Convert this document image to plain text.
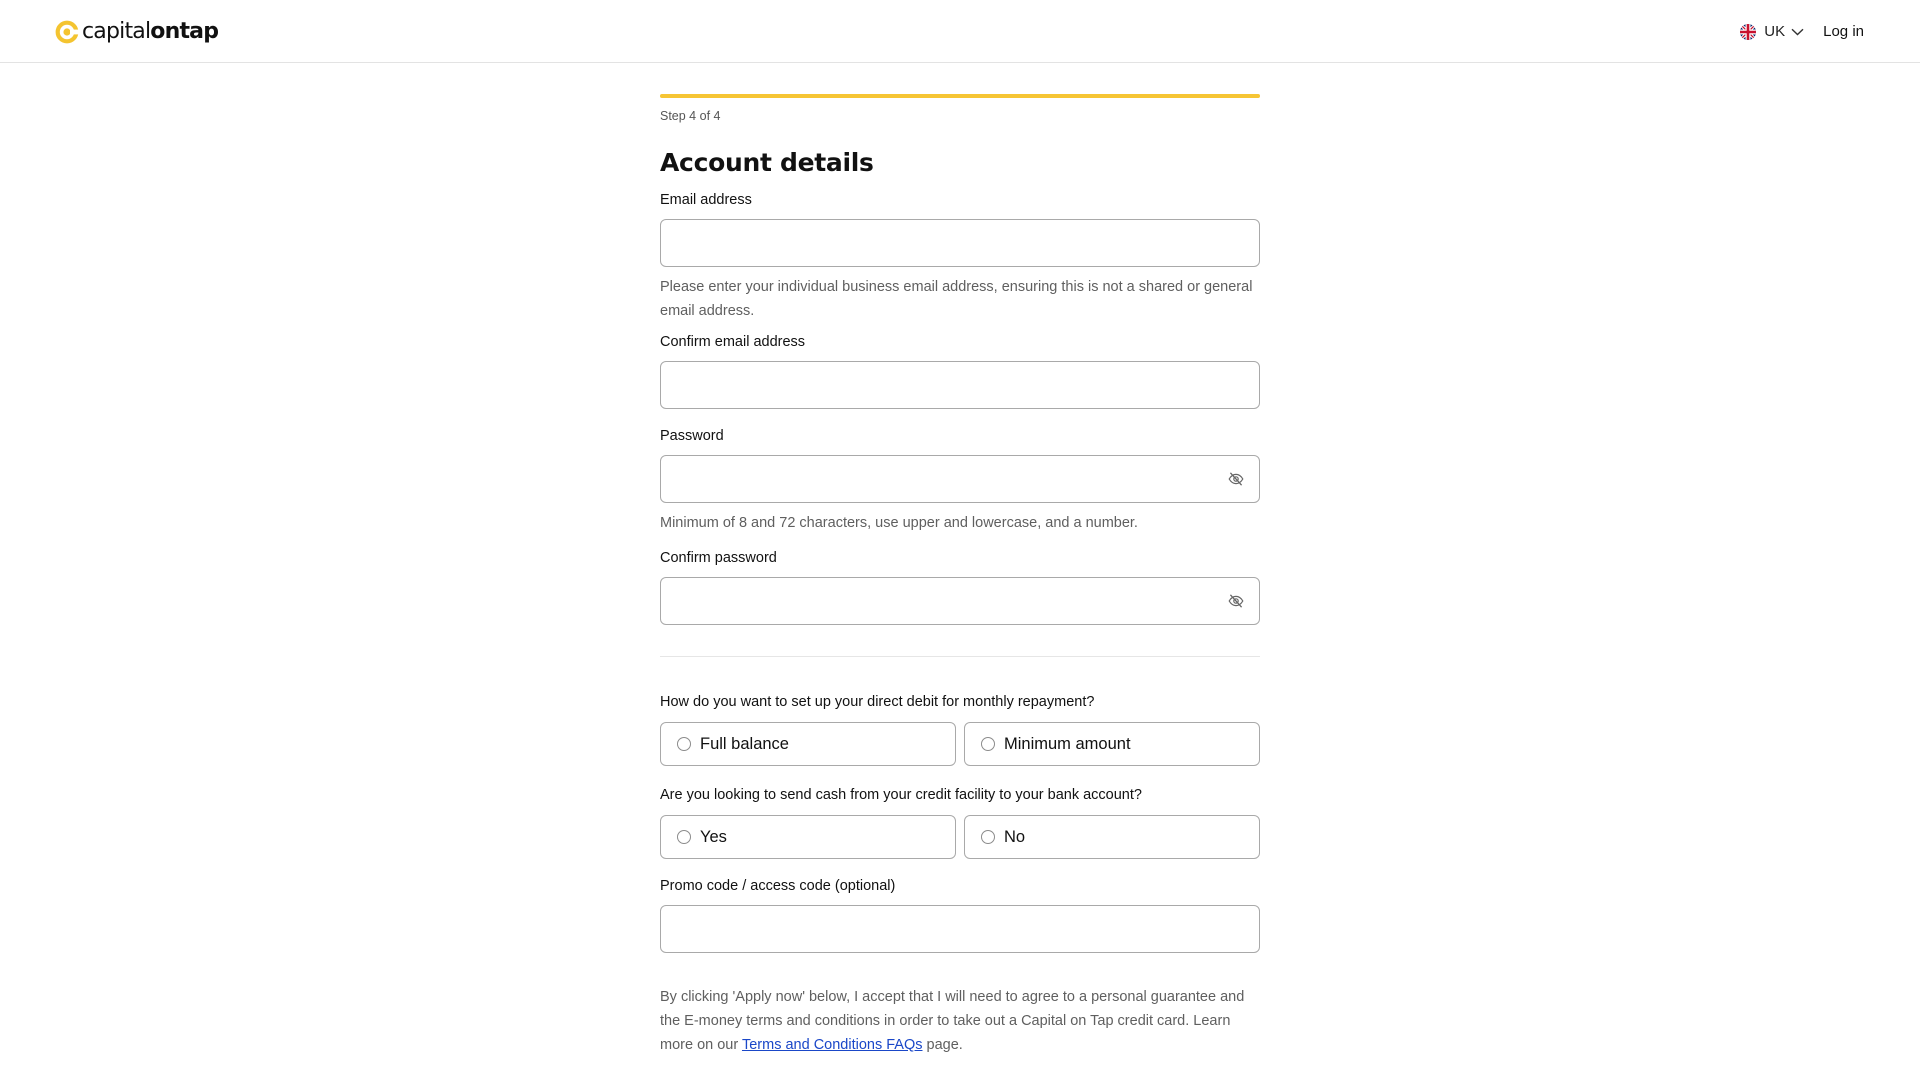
capitalontap	UK	Log in
Step 4 of 4
Account details
Email address
Please enter your individual business email address, ensuring this is not a shared or general email address.
Confirm email address
Password
Minimum of 8 and 72 characters, use upper and lowercase, and a number.
Confirm password
How do you want to set up your direct debit for monthly repayment?
Full balance	Minimum amount
Are you looking to send cash from your credit facility to your bank account?
Yes	No
Promo code / access code (optional)
By clicking 'Apply now' below, I accept that I will need to agree to a personal guarantee and the E-money terms and conditions in order to take out a Capital on Tap credit card. Learn more on our Terms and Conditions FAQs page.
